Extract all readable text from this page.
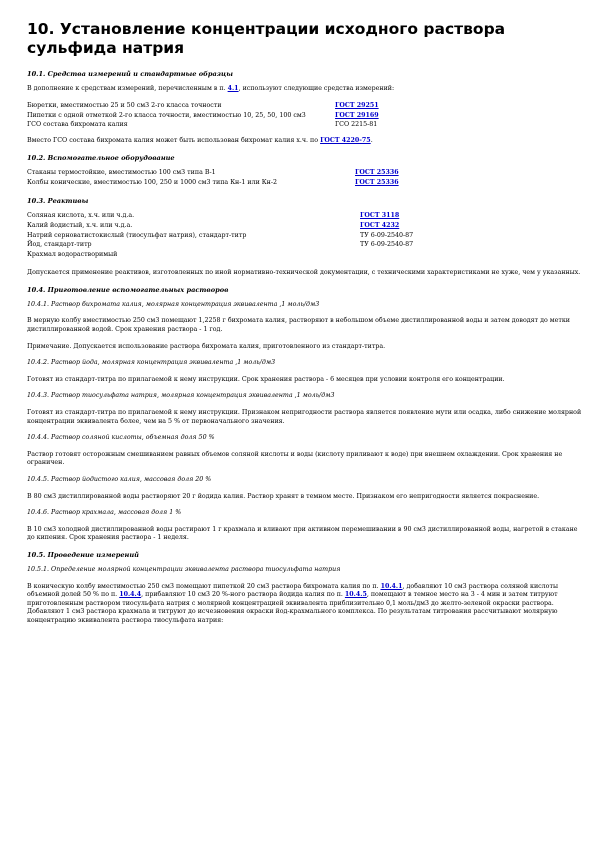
10. Установление концентрации исходного раствора сульфида натрия
10.1. Средства измерений и стандартные образцы
В дополнение к средствам измерений, перечисленным в п. 4.1, используют следующие средства измерений:
Бюретки, вместимостью 25 и 50 см3 2-го класса точности	ГОСТ 29251
Пипетки с одной отметкой 2-го класса точности, вместимостью 10, 25, 50, 100 см3	ГОСТ 29169
ГСО состава бихромата калия	ГСО 2215-81
Вместо ГСО состава бихромата калия может быть использован бихромат калия х.ч. по ГОСТ 4220-75.
10.2. Вспомогательное оборудование
Стаканы термостойкие, вместимостью 100 см3 типа В-1	ГОСТ 25336
Колбы конические, вместимостью 100, 250 и 1000 см3 типа Кн-1 или Кн-2	ГОСТ 25336
10.3. Реактивы
Соляная кислота, х.ч. или ч.д.а.	ГОСТ 3118
Калий йодистый, х.ч. или ч.д.а.	ГОСТ 4232
Натрий серноватистокислый (тиосульфат натрия), стандарт-титр	ТУ 6-09-2540-87
Йод, стандарт-титр	ТУ 6-09-2540-87
Крахмал водорастворимый	
Допускается применение реактивов, изготовленных по иной нормативно-технической документации, с техническими характеристиками не хуже, чем у указанных.
10.4. Приготовление вспомогательных растворов
10.4.1. Раствор бихромата калия, молярная концентрация эквивалента ,1 моль/дм3
В мерную колбу вместимостью 250 см3 помещают 1,2258 г бихромата калия, растворяют в небольшом объеме дистиллированной воды и затем доводят до метки дистиллированной водой. Срок хранения раствора - 1 год.
Примечание. Допускается использование раствора бихромата калия, приготовленного из стандарт-титра.
10.4.2. Раствор йода, молярная концентрация эквивалента ,1 моль/дм3
Готовят из стандарт-титра по прилагаемой к нему инструкции. Срок хранения раствора - 6 месяцев при условии контроля его концентрации.
10.4.3. Раствор тиосульфата натрия, молярная концентрация эквивалента ,1 моль/дм3
Готовят из стандарт-титра по прилагаемой к нему инструкции. Признаком непригодности раствора является появление мути или осадка, либо снижение молярной концентрации эквивалента более, чем на 5 % от первоначального значения.
10.4.4. Раствор соляной кислоты, объемная доля 50 %
Раствор готовят осторожным смешиванием равных объемов соляной кислоты и воды (кислоту приливают к воде) при внешнем охлаждении. Срок хранения не ограничен.
10.4.5. Раствор йодистого калия, массовая доля 20 %
В 80 см3 дистиллированной воды растворяют 20 г йодида калия. Раствор хранят в темном месте. Признаком его непригодности является покраснение.
10.4.6. Раствор крахмала, массовая доля 1 %
В 10 см3 холодной дистиллированной воды растирают 1 г крахмала и вливают при активном перемешивании в 90 см3 дистиллированной воды, нагретой в стакане до кипения. Срок хранения раствора - 1 неделя.
10.5. Проведение измерений
10.5.1. Определение молярной концентрации эквивалента раствора тиосульфата натрия
В коническую колбу вместимостью 250 см3 помещают пипеткой 20 см3 раствора бихромата калия по п. 10.4.1, добавляют 10 см3 раствора соляной кислоты объемной долей 50 % по п. 10.4.4, прибавляют 10 см3 20 %-ного раствора йодида калия по п. 10.4.5, помещают в темное место на 3 - 4 мин и затем титруют приготовленным раствором тиосульфата натрия с молярной концентрацией эквивалента приблизительно 0,1 моль/дм3 до желто-зеленой окраски раствора. Добавляют 1 см3 раствора крахмала и титруют до исчезновения окраски йод-крахмального комплекса. По результатам титрования рассчитывают молярную концентрацию эквивалента раствора тиосульфата натрия:
